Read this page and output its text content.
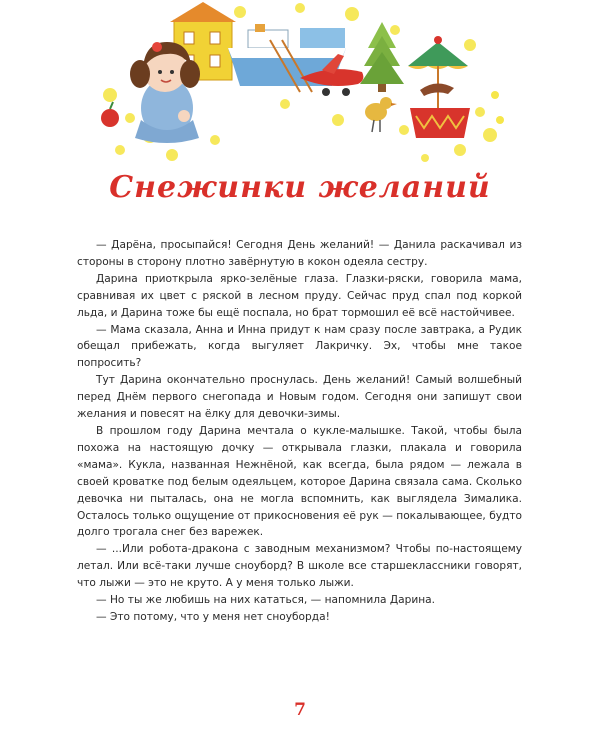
Снежинки желаний

— Дарёна, просыпайся! Сегодня День желаний! — Данила раскачивал из стороны в сторону плотно завёрнутую в кокон одеяла сестру.

Дарина приоткрыла ярко-зелёные глаза. Глазки-ряски, говорила мама, сравнивая их цвет с ряской в лесном пруду. Сейчас пруд спал под коркой льда, и Дарина тоже бы ещё поспала, но брат тормошил её всё настойчивее.

— Мама сказала, Анна и Инна придут к нам сразу после завтрака, а Рудик обещал прибежать, когда выгуляет Лакричку. Эх, чтобы мне такое попросить?

Тут Дарина окончательно проснулась. День желаний! Самый волшебный перед Днём первого снегопада и Новым годом. Сегодня они запишут свои желания и повесят на ёлку для девочки-зимы.

В прошлом году Дарина мечтала о кукле-малышке. Такой, чтобы была похожа на настоящую дочку — открывала глазки, плакала и говорила «мама». Кукла, названная Нежнёной, как всегда, была рядом — лежала в своей кроватке под белым одеяльцем, которое Дарина связала сама. Сколько девочка ни пыталась, она не могла вспомнить, как выглядела Зималика. Осталось только ощущение от прикосновения её рук — покалывающее, будто долго трогала снег без варежек.

— ...Или робота-дракона с заводным механизмом? Чтобы по-настоящему летал. Или всё-таки лучше сноуборд? В школе все старшеклассники говорят, что лыжи — это не круто. А у меня только лыжи.

— Но ты же любишь на них кататься, — напомнила Дарина.

— Это потому, что у меня нет сноуборда!

7
